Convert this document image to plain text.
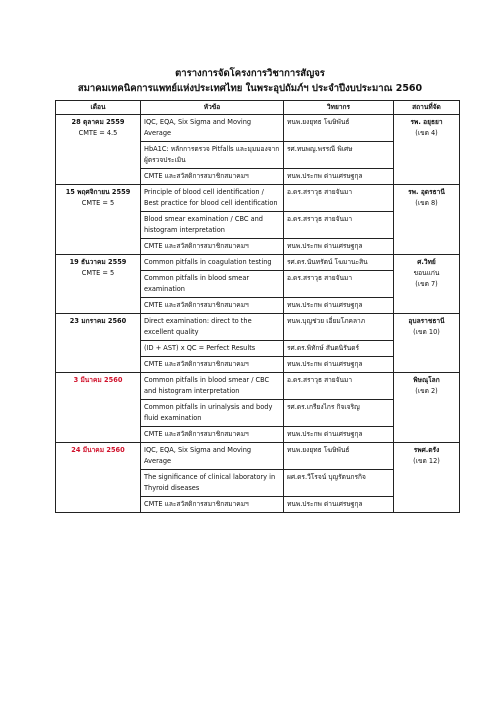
ตารางการจัดโครงการวิชาการสัญจร
สมาคมเทคนิคการแพทย์แห่งประเทศไทย ในพระอุปถัมภ์ฯ ประจำปีงบประมาณ 2560
เดือน	หัวข้อ	วิทยากร	สถานที่จัด

28 ตุลาคม 2559
CMTE = 4.5	IQC, EQA, Six Sigma and Moving Average	ทนพ.ยงยุทธ โฆษิพันธ์	รพ. อยุธยา
(เขต 4)

	HbA1C: หลักการตรวจ Pitfalls และมุมมองจากผู้ตรวจประเมิน	รศ.ทนพญ.พรรณี พิเศษ	
	CMTE และสวัสดิการสมาชิกสมาคมฯ	ทนพ.ประกพ ด่านเศรษฐกุล	

15 พฤศจิกายน 2559
CMTE = 5	Principle of blood cell identification / Best practice for blood cell identification	อ.ดร.สราวุธ สายจันมา	รพ. อุดรธานี
(เขต 8)

	Blood smear examination / CBC and histogram interpretation	อ.ดร.สราวุธ สายจันมา	
	CMTE และสวัสดิการสมาชิกสมาคมฯ	ทนพ.ประกพ ด่านเศรษฐกุล	

19 ธันวาคม 2559
CMTE = 5	Common pitfalls in coagulation testing	รศ.ดร.นันทรัตน์ โฆมานะสิน	ศ.วิทย์
ขอนแก่น
(เขต 7)

	Common pitfalls in blood smear examination	อ.ดร.สราวุธ สายจันมา	
	CMTE และสวัสดิการสมาชิกสมาคมฯ	ทนพ.ประกพ ด่านเศรษฐกุล	

23 มกราคม 2560	Direct examination: direct to the excellent quality	ทนพ.บุญช่วย เอี่ยมโภคลาภ	อุบลราชธานี
(เขต 10)

	(ID + AST) x QC = Perfect Results	รศ.ดร.พิทักษ์ สันตนิรันดร์	
	CMTE และสวัสดิการสมาชิกสมาคมฯ	ทนพ.ประกพ ด่านเศรษฐกุล	

3 มีนาคม 2560	Common pitfalls in blood smear / CBC and histogram interpretation	อ.ดร.สราวุธ สายจันมา	พิษณุโลก
(เขต 2)

	Common pitfalls in urinalysis and body fluid examination	รศ.ดร.เกรียงไกร กิจเจริญ	
	CMTE และสวัสดิการสมาชิกสมาคมฯ	ทนพ.ประกพ ด่านเศรษฐกุล	

24 มีนาคม 2560	IQC, EQA, Six Sigma and Moving Average	ทนพ.ยงยุทธ โฆษิพันธ์	รพศ.ตรัง
(เขต 12)

	The significance of clinical laboratory in Thyroid diseases	ผศ.ดร.วีโรจน์ บุญรัตนกรกิจ	
	CMTE และสวัสดิการสมาชิกสมาคมฯ	ทนพ.ประกพ ด่านเศรษฐกุล	
